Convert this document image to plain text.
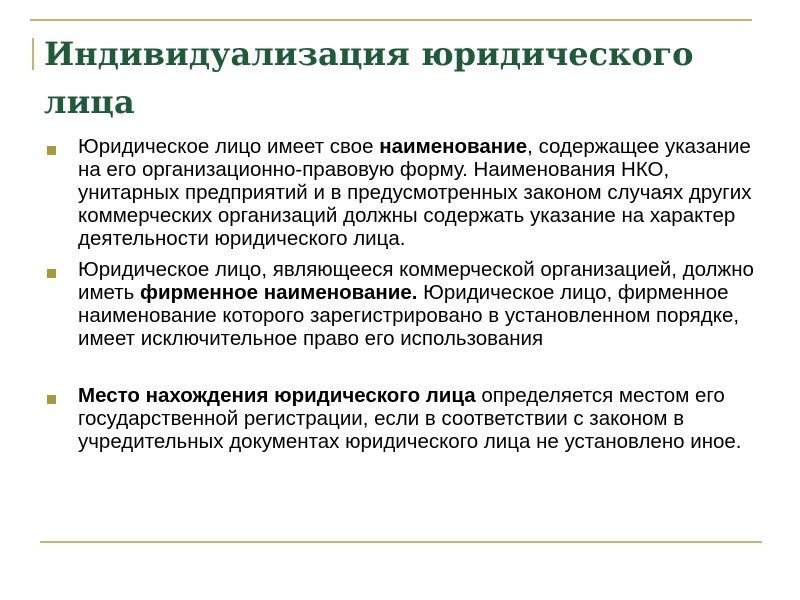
Индивидуализация юридического лица
Юридическое лицо имеет свое наименование, содержащее указание на его организационно-правовую форму. Наименования НКО, унитарных предприятий и в предусмотренных законом случаях других коммерческих организаций должны содержать указание на характер деятельности юридического лица.
Юридическое лицо, являющееся коммерческой организацией, должно иметь фирменное наименование. Юридическое лицо, фирменное наименование которого зарегистрировано в установленном порядке, имеет исключительное право его использования
Место нахождения юридического лица определяется местом его государственной регистрации, если в соответствии с законом в учредительных документах юридического лица не установлено иное.
